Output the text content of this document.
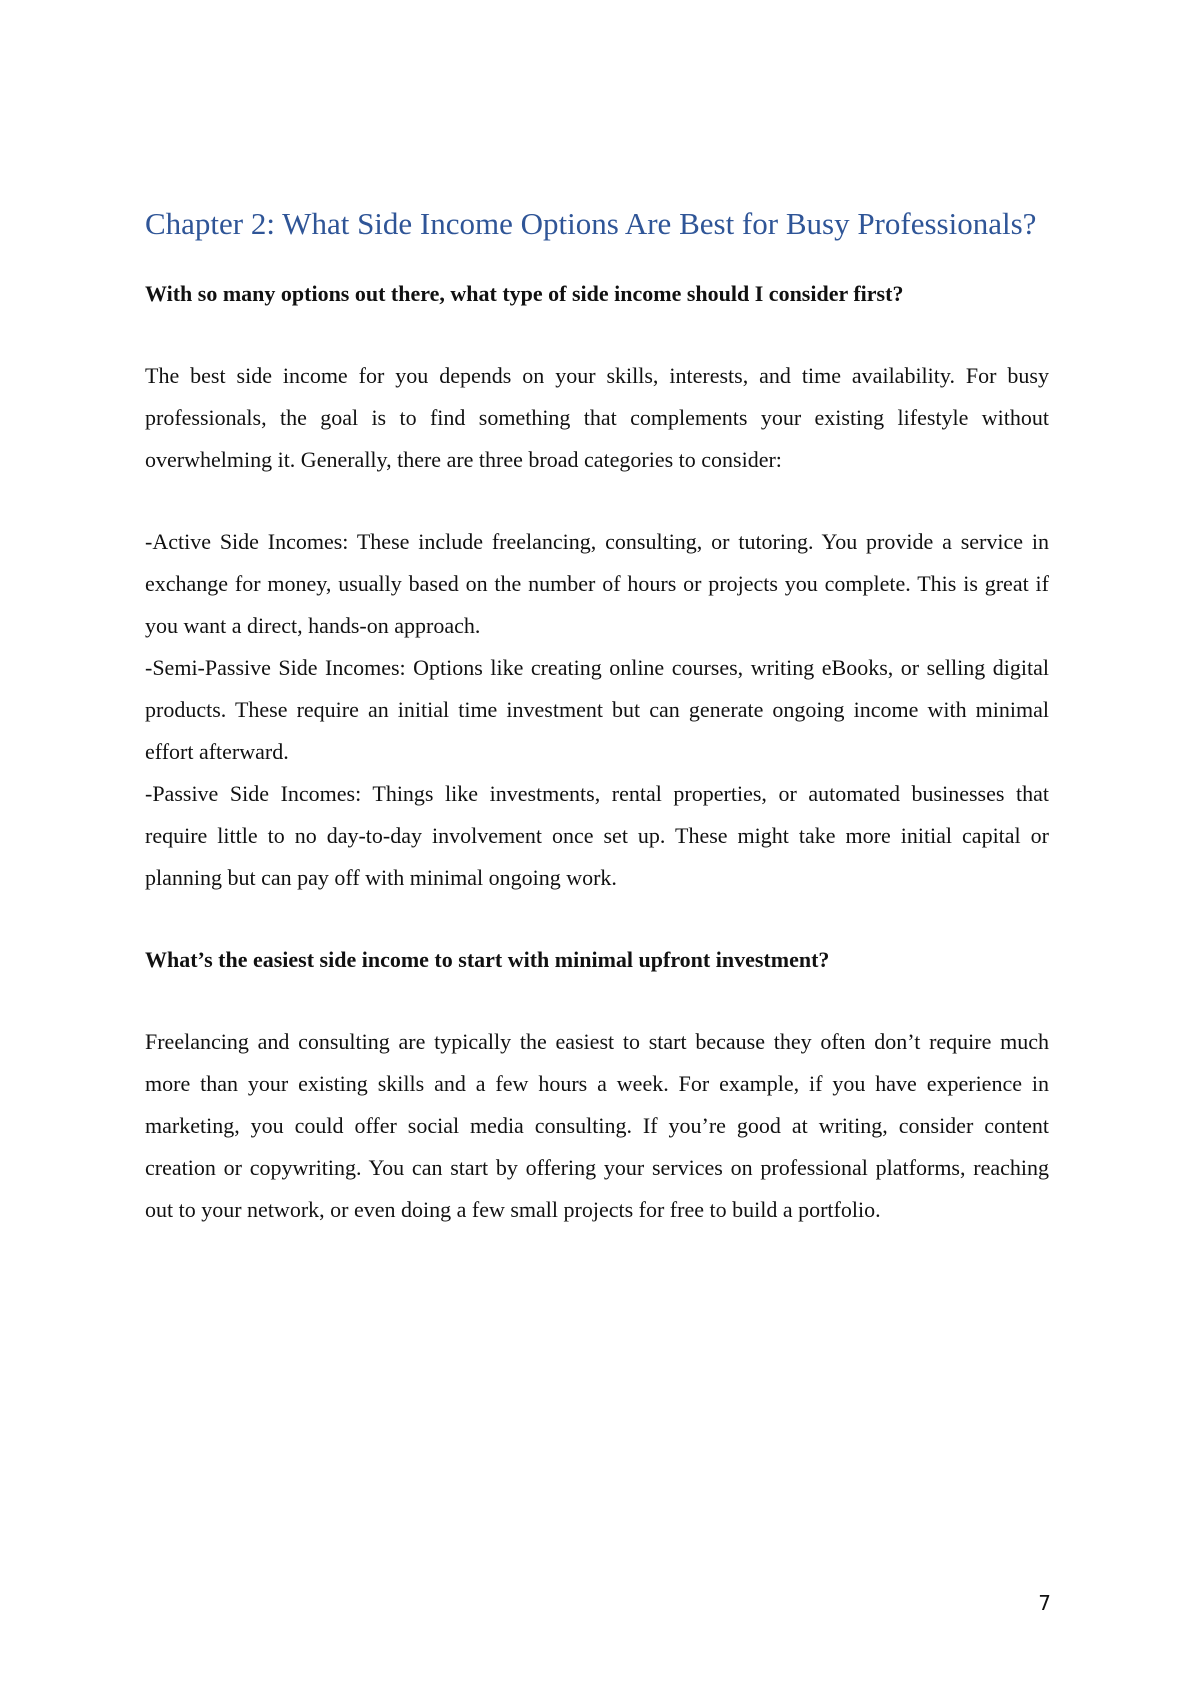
Chapter 2: What Side Income Options Are Best for Busy Professionals?

With so many options out there, what type of side income should I consider first?

The best side income for you depends on your skills, interests, and time availability. For busy professionals, the goal is to find something that complements your existing lifestyle without overwhelming it. Generally, there are three broad categories to consider:

-Active Side Incomes: These include freelancing, consulting, or tutoring. You provide a service in exchange for money, usually based on the number of hours or projects you complete. This is great if you want a direct, hands-on approach.

-Semi-Passive Side Incomes: Options like creating online courses, writing eBooks, or selling digital products. These require an initial time investment but can generate ongoing income with minimal effort afterward.

-Passive Side Incomes: Things like investments, rental properties, or automated businesses that require little to no day-to-day involvement once set up. These might take more initial capital or planning but can pay off with minimal ongoing work.

What’s the easiest side income to start with minimal upfront investment?

Freelancing and consulting are typically the easiest to start because they often don’t require much more than your existing skills and a few hours a week. For example, if you have experience in marketing, you could offer social media consulting. If you’re good at writing, consider content creation or copywriting. You can start by offering your services on professional platforms, reaching out to your network, or even doing a few small projects for free to build a portfolio.

7
